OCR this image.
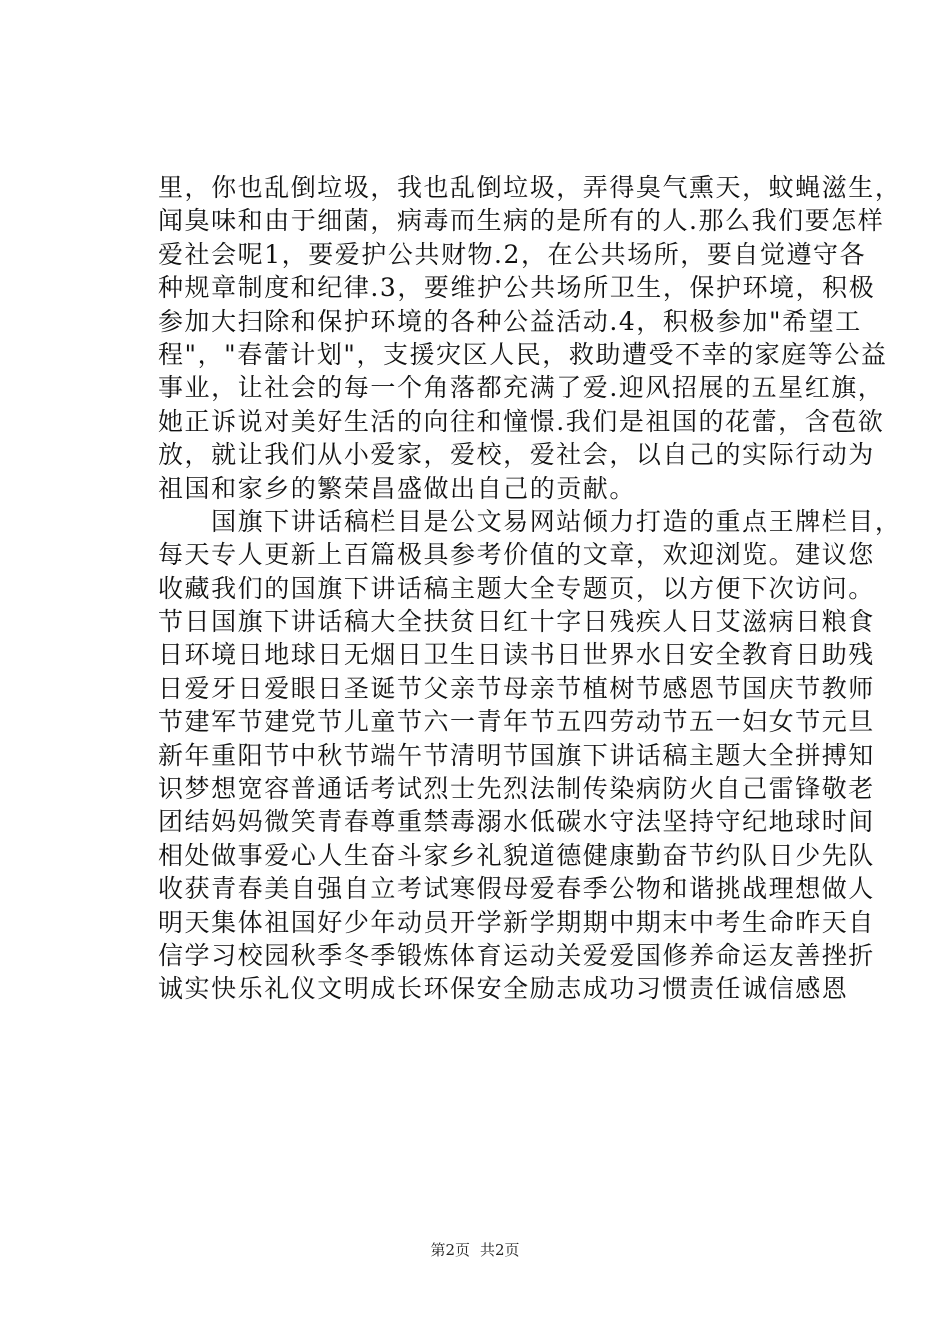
里，你也乱倒垃圾，我也乱倒垃圾，弄得臭气熏天，蚊蝇滋生，
闻臭味和由于细菌，病毒而生病的是所有的人.那么我们要怎样
爱社会呢1，要爱护公共财物.2，在公共场所，要自觉遵守各
种规章制度和纪律.3，要维护公共场所卫生，保护环境，积极
参加大扫除和保护环境的各种公益活动.4，积极参加"希望工
程"，"春蕾计划"，支援灾区人民，救助遭受不幸的家庭等公益
事业，让社会的每一个角落都充满了爱.迎风招展的五星红旗，
她正诉说对美好生活的向往和憧憬.我们是祖国的花蕾，含苞欲
放，就让我们从小爱家，爱校，爱社会，以自己的实际行动为
祖国和家乡的繁荣昌盛做出自己的贡献。
　　国旗下讲话稿栏目是公文易网站倾力打造的重点王牌栏目，
每天专人更新上百篇极具参考价值的文章，欢迎浏览。建议您
收藏我们的国旗下讲话稿主题大全专题页，以方便下次访问。
节日国旗下讲话稿大全扶贫日红十字日残疾人日艾滋病日粮食
日环境日地球日无烟日卫生日读书日世界水日安全教育日助残
日爱牙日爱眼日圣诞节父亲节母亲节植树节感恩节国庆节教师
节建军节建党节儿童节六一青年节五四劳动节五一妇女节元旦
新年重阳节中秋节端午节清明节国旗下讲话稿主题大全拼搏知
识梦想宽容普通话考试烈士先烈法制传染病防火自己雷锋敬老
团结妈妈微笑青春尊重禁毒溺水低碳水守法坚持守纪地球时间
相处做事爱心人生奋斗家乡礼貌道德健康勤奋节约队日少先队
收获青春美自强自立考试寒假母爱春季公物和谐挑战理想做人
明天集体祖国好少年动员开学新学期期中期末中考生命昨天自
信学习校园秋季冬季锻炼体育运动关爱爱国修养命运友善挫折
诚实快乐礼仪文明成长环保安全励志成功习惯责任诚信感恩
第2页 共2页
